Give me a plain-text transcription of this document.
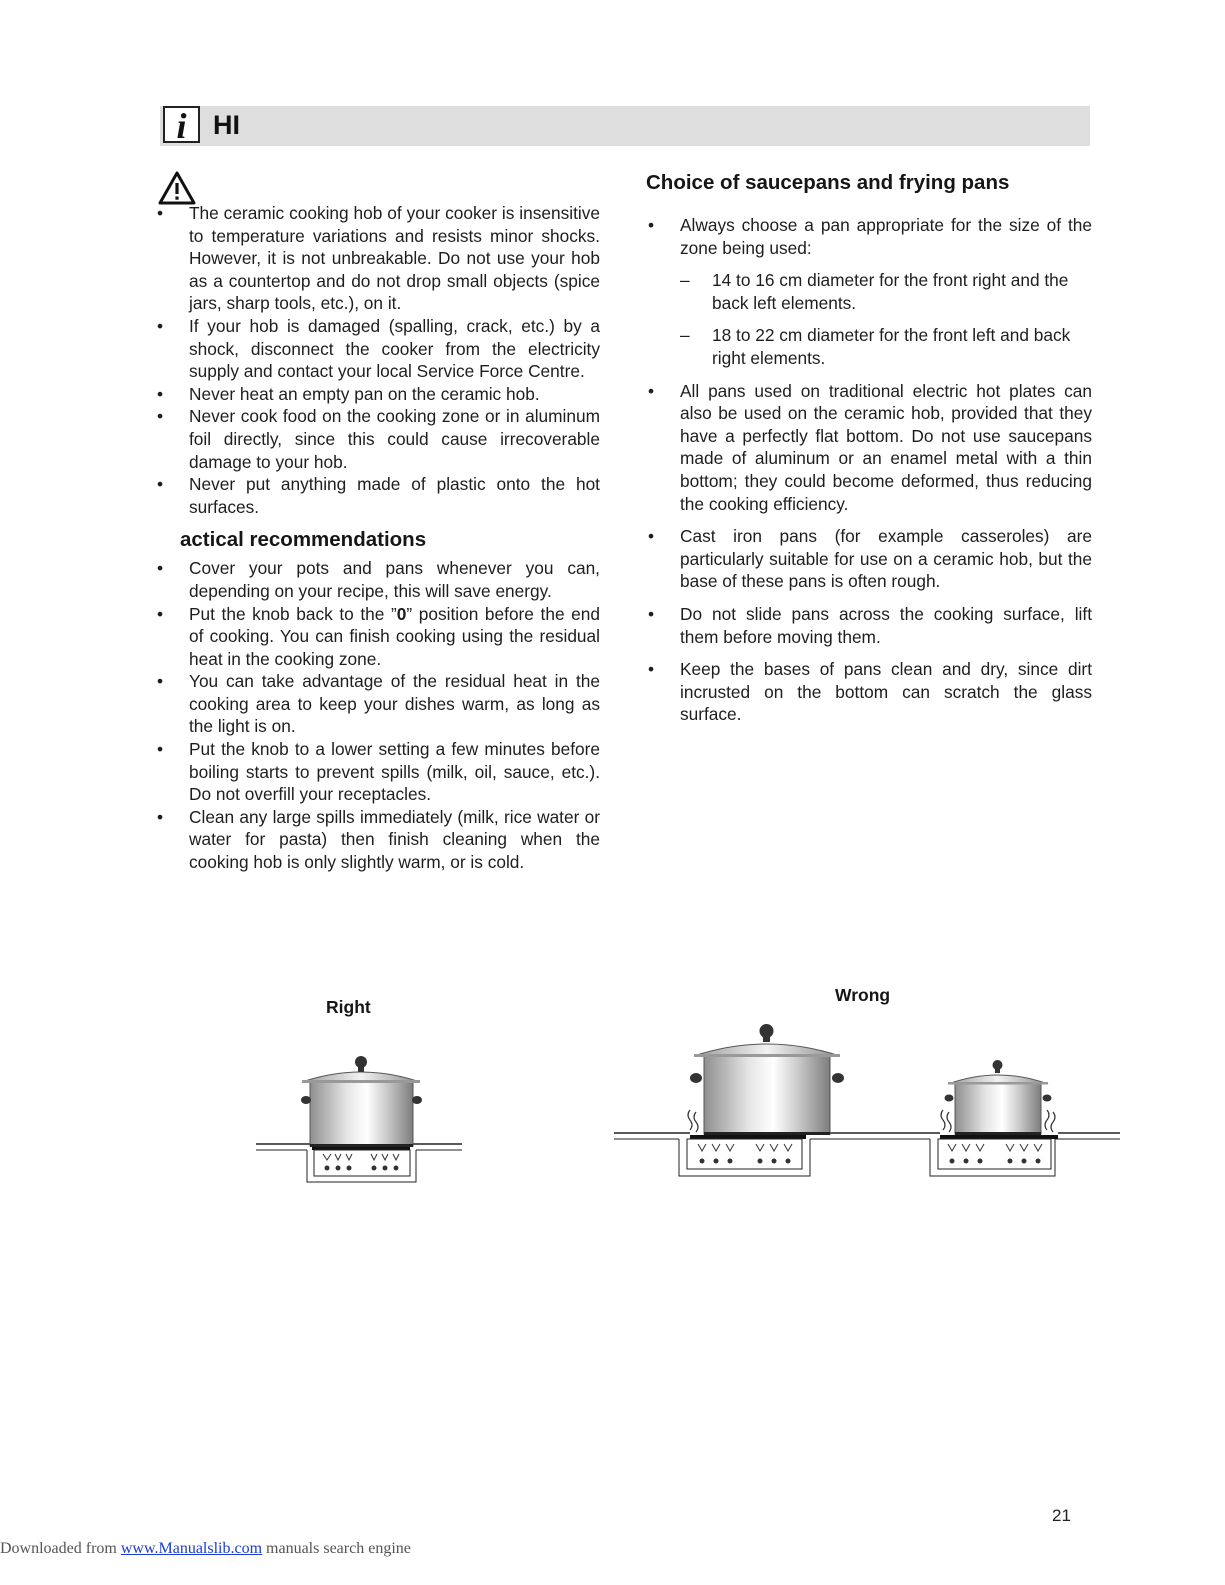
i HI
• The ceramic cooking hob of your cooker is insensitive to temperature variations and resists minor shocks. However, it is not unbreakable. Do not use your hob as a countertop and do not drop small objects (spice jars, sharp tools, etc.), on it.
• If your hob is damaged (spalling, crack, etc.) by a shock, disconnect the cooker from the electricity supply and contact your local Service Force Centre.
• Never heat an empty pan on the ceramic hob.
• Never cook food on the cooking zone or in aluminum foil directly, since this could cause irrecoverable damage to your hob.
• Never put anything made of plastic onto the hot surfaces.
actical recommendations
• Cover your pots and pans whenever you can, depending on your recipe, this will save energy.
• Put the knob back to the ”0” position before the end of cooking. You can finish cooking using the residual heat in the cooking zone.
• You can take advantage of the residual heat in the cooking area to keep your dishes warm, as long as the light is on.
• Put the knob to a lower setting a few minutes before boiling starts to prevent spills (milk, oil, sauce, etc.). Do not overfill your receptacles.
• Clean any large spills immediately (milk, rice water or water for pasta) then finish cleaning when the cooking hob is only slightly warm, or is cold.
Choice of saucepans and frying pans
• Always choose a pan appropriate for the size of the zone being used:
– 14 to 16 cm diameter for the front right and the back left elements.
– 18 to 22 cm diameter for the front left and back right elements.
• All pans used on traditional electric hot plates can also be used on the ceramic hob, provided that they have a perfectly flat bottom. Do not use saucepans made of aluminum or an enamel metal with a thin bottom; they could become deformed, thus reducing the cooking efficiency.
• Cast iron pans (for example casseroles) are particularly suitable for use on a ceramic hob, but the base of these pans is often rough.
• Do not slide pans across the cooking surface, lift them before moving them.
• Keep the bases of pans clean and dry, since dirt incrusted on the bottom can scratch the glass surface.
Right
Wrong
21
Downloaded from www.Manualslib.com manuals search engine
